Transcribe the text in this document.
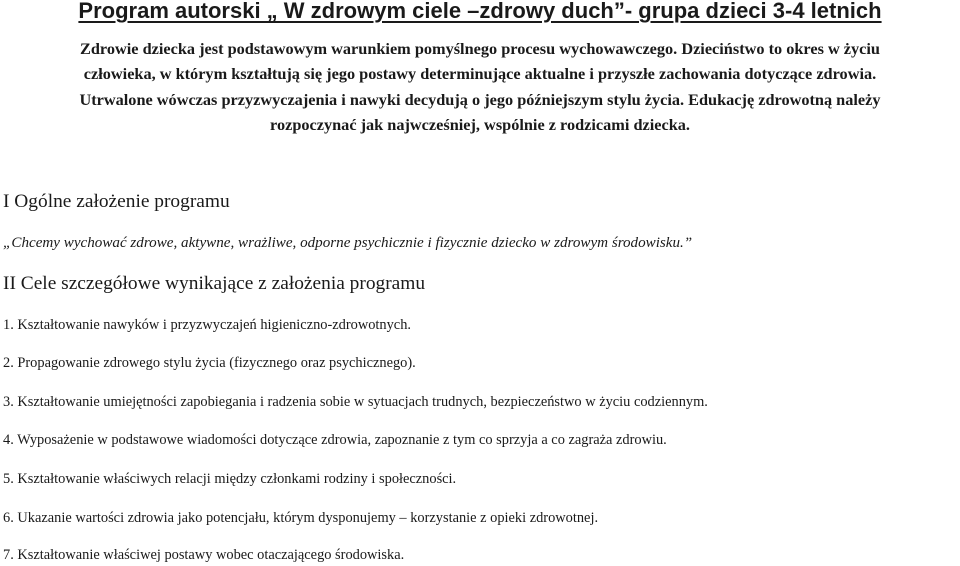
Program autorski „ W zdrowym ciele –zdrowy duch”- grupa dzieci 3-4 letnich
Zdrowie dziecka jest podstawowym warunkiem pomyślnego procesu wychowawczego. Dzieciństwo to okres w życiu
człowieka, w którym kształtują się jego postawy determinujące aktualne i przyszłe zachowania dotyczące zdrowia.
Utrwalone wówczas przyzwyczajenia i nawyki decydują o jego późniejszym stylu życia. Edukację zdrowotną należy
rozpoczynać jak najwcześniej, wspólnie z rodzicami dziecka.
I Ogólne założenie programu
„Chcemy wychować zdrowe, aktywne, wrażliwe, odporne psychicznie i fizycznie dziecko w zdrowym środowisku.”
II Cele szczegółowe wynikające z założenia programu
1. Kształtowanie nawyków i przyzwyczajeń higieniczno-zdrowotnych.
2. Propagowanie zdrowego stylu życia (fizycznego oraz psychicznego).
3. Kształtowanie umiejętności zapobiegania i radzenia sobie w sytuacjach trudnych, bezpieczeństwo w życiu codziennym.
4. Wyposażenie w podstawowe wiadomości dotyczące zdrowia, zapoznanie z tym co sprzyja a co zagraża zdrowiu.
5. Kształtowanie właściwych relacji między członkami rodziny i społeczności.
6. Ukazanie wartości zdrowia jako potencjału, którym dysponujemy – korzystanie z opieki zdrowotnej.
7. Kształtowanie właściwej postawy wobec otaczającego środowiska.
